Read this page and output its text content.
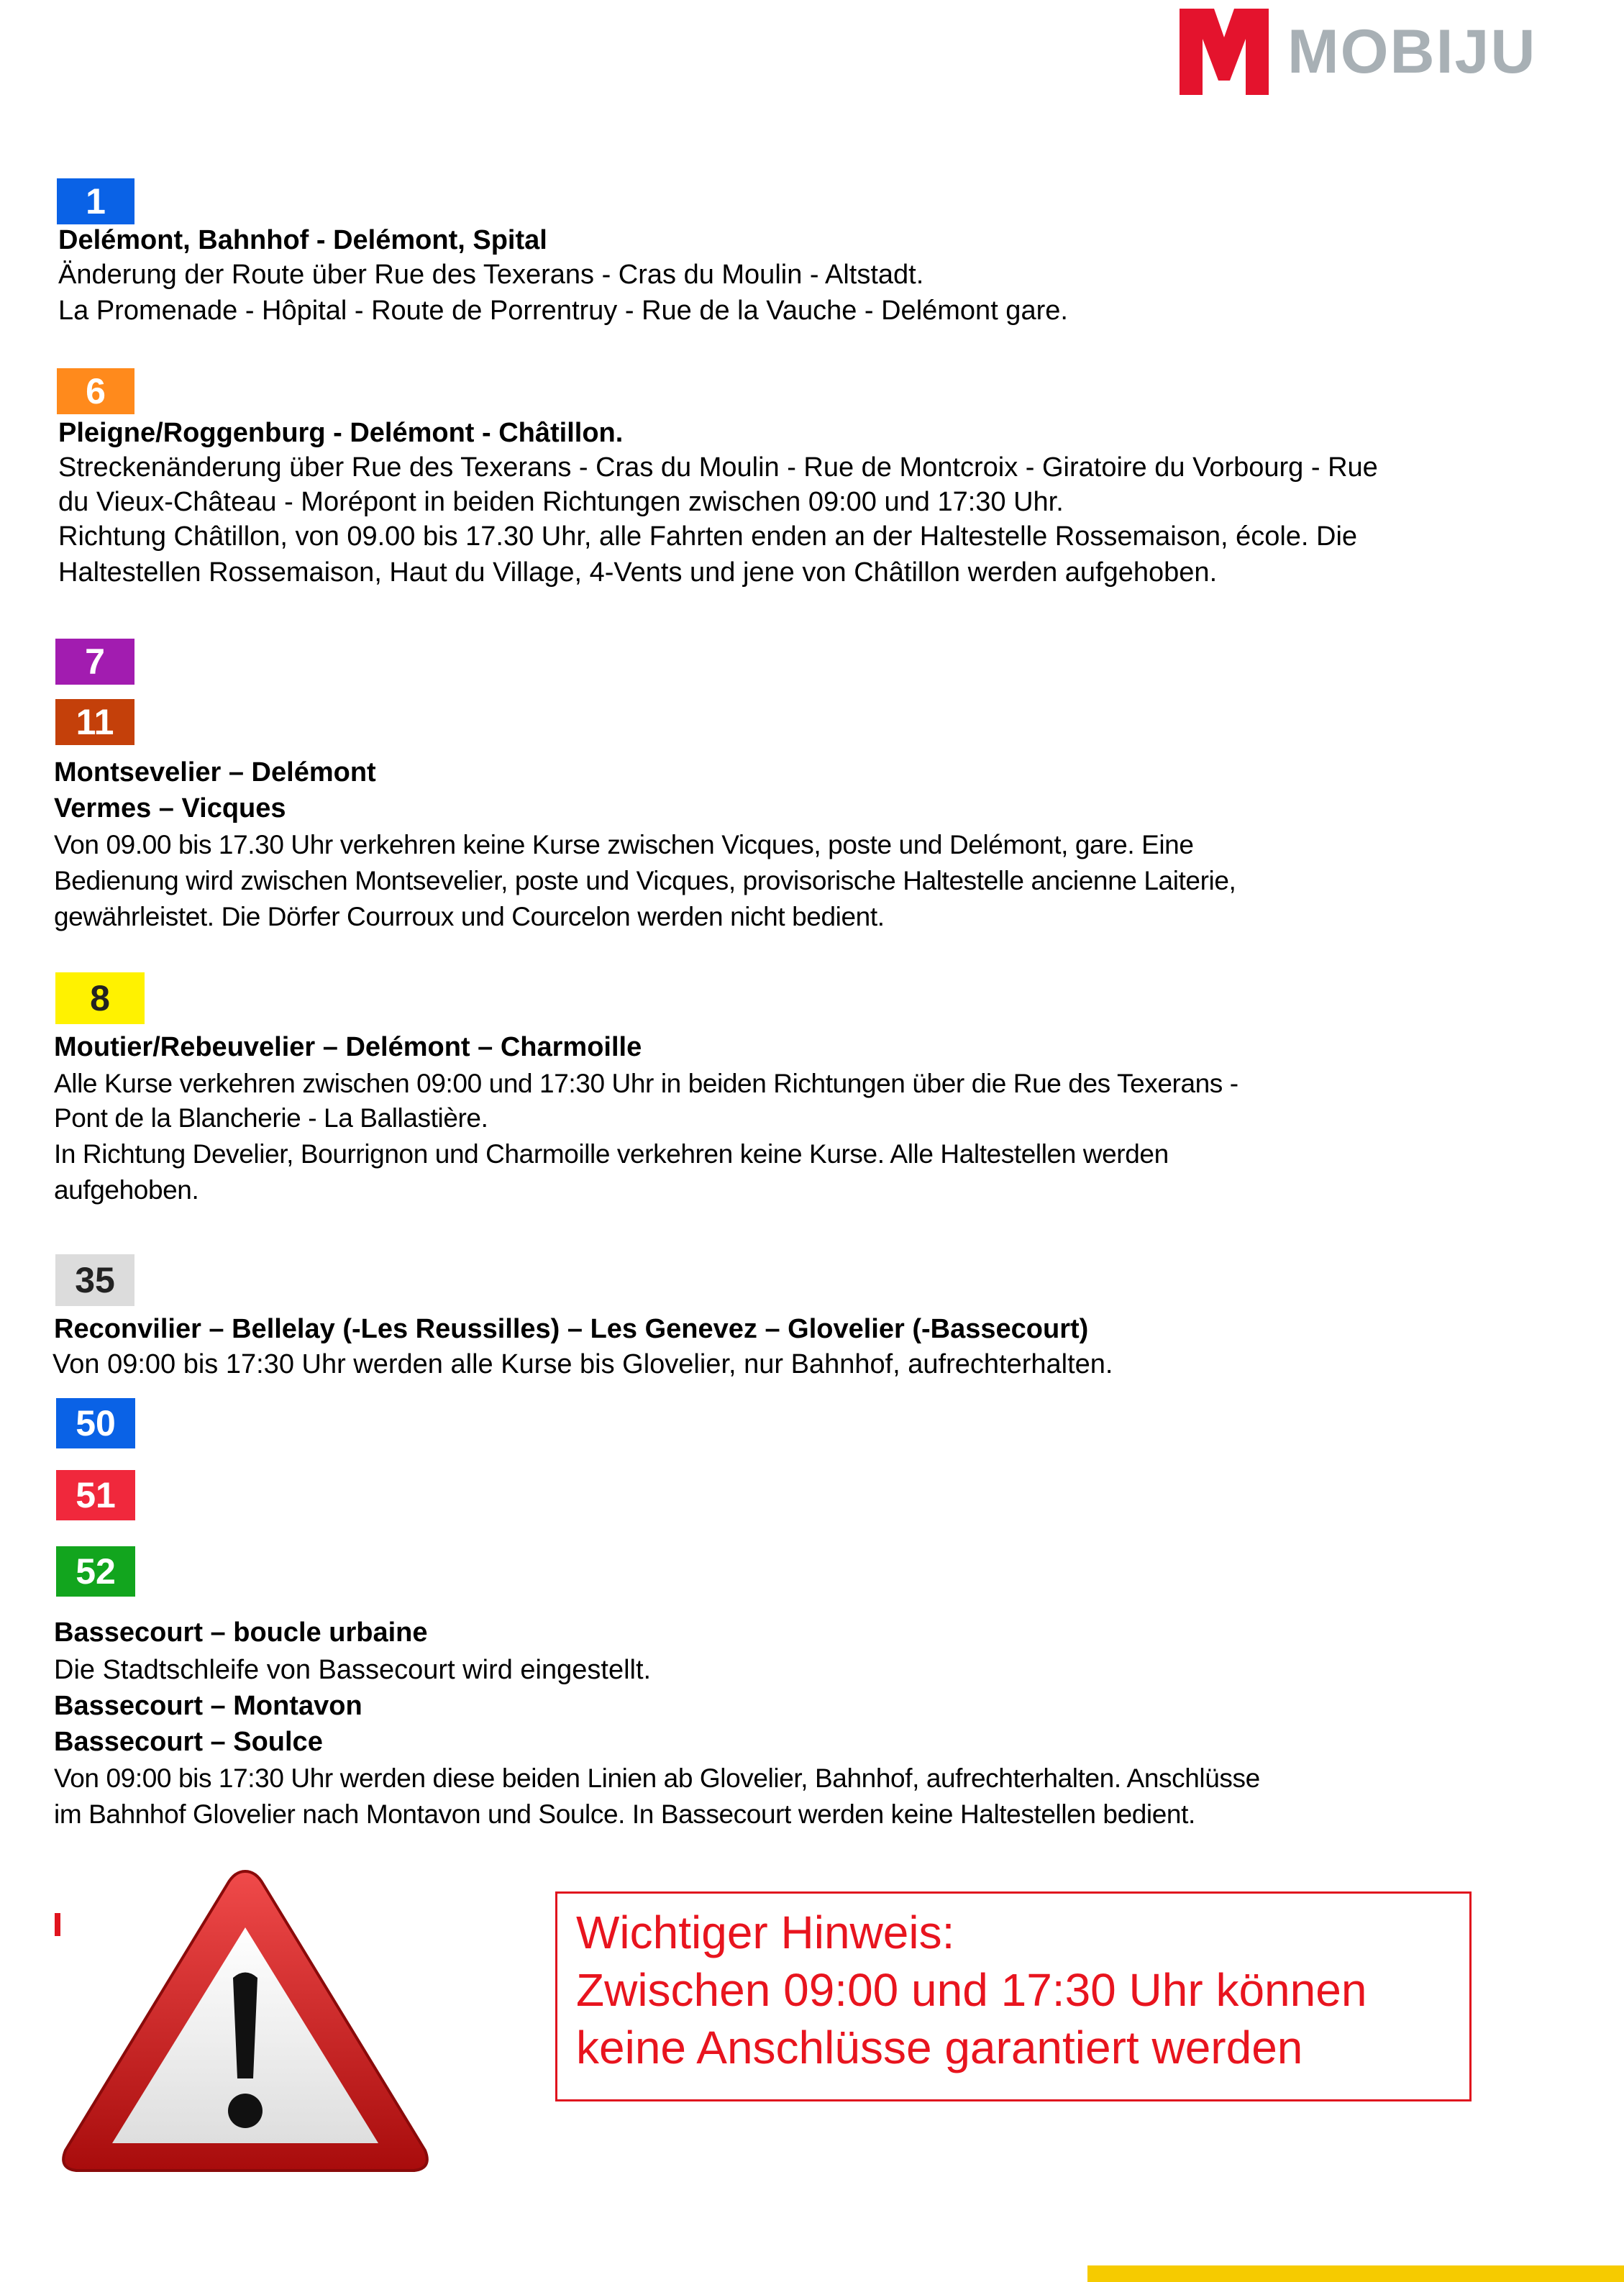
MOBIJU
1
Delémont, Bahnhof - Delémont, Spital
Änderung der Route über Rue des Texerans - Cras du Moulin - Altstadt.
La Promenade - Hôpital - Route de Porrentruy - Rue de la Vauche - Delémont gare.
6
Pleigne/Roggenburg - Delémont - Châtillon.
Streckenänderung über Rue des Texerans - Cras du Moulin - Rue de Montcroix - Giratoire du Vorbourg - Rue
du Vieux-Château - Morépont in beiden Richtungen zwischen 09:00 und 17:30 Uhr.
Richtung Châtillon, von 09.00 bis 17.30 Uhr, alle Fahrten enden an der Haltestelle Rossemaison, école. Die
Haltestellen Rossemaison, Haut du Village, 4-Vents und jene von Châtillon werden aufgehoben.
7
11
Montsevelier – Delémont
Vermes – Vicques
Von 09.00 bis 17.30 Uhr verkehren keine Kurse zwischen Vicques, poste und Delémont, gare. Eine
Bedienung wird zwischen Montsevelier, poste und Vicques, provisorische Haltestelle ancienne Laiterie,
gewährleistet. Die Dörfer Courroux und Courcelon werden nicht bedient.
8
Moutier/Rebeuvelier – Delémont – Charmoille
Alle Kurse verkehren zwischen 09:00 und 17:30 Uhr in beiden Richtungen über die Rue des Texerans -
Pont de la Blancherie - La Ballastière.
In Richtung Develier, Bourrignon und Charmoille verkehren keine Kurse. Alle Haltestellen werden
aufgehoben.
35
Reconvilier – Bellelay (-Les Reussilles) – Les Genevez – Glovelier (-Bassecourt)
Von 09:00 bis 17:30 Uhr werden alle Kurse bis Glovelier, nur Bahnhof, aufrechterhalten.
50
51
52
Bassecourt – boucle urbaine
Die Stadtschleife von Bassecourt wird eingestellt.
Bassecourt – Montavon
Bassecourt – Soulce
Von 09:00 bis 17:30 Uhr werden diese beiden Linien ab Glovelier, Bahnhof, aufrechterhalten. Anschlüsse
im Bahnhof Glovelier nach Montavon und Soulce. In Bassecourt werden keine Haltestellen bedient.
Wichtiger Hinweis:
Zwischen 09:00 und 17:30 Uhr können
keine Anschlüsse garantiert werden
